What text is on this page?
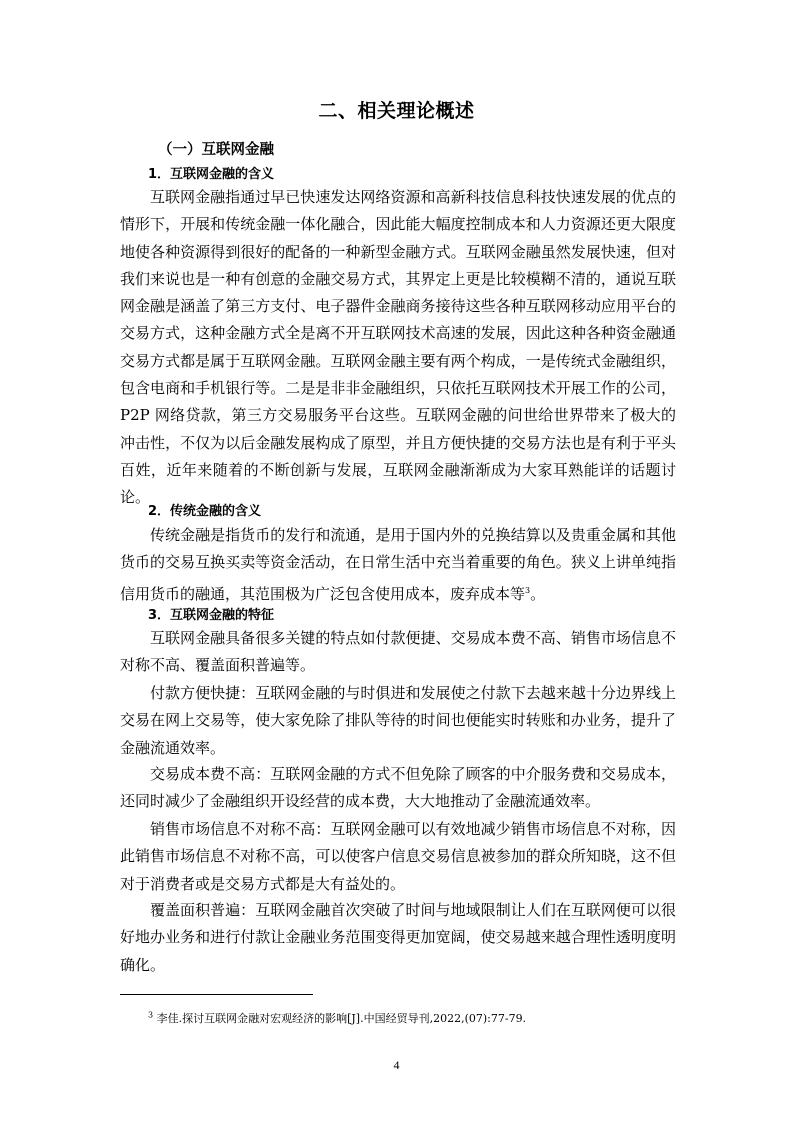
二、相关理论概述
（一）互联网金融
1．互联网金融的含义

互联网金融指通过早已快速发达网络资源和高新科技信息科技快速发展的优点的情形下，开展和传统金融一体化融合，因此能大幅度控制成本和人力资源还更大限度地使各种资源得到很好的配备的一种新型金融方式。互联网金融虽然发展快速，但对我们来说也是一种有创意的金融交易方式，其界定上更是比较模糊不清的，通说互联网金融是涵盖了第三方支付、电子器件金融商务接待这些各种互联网移动应用平台的交易方式，这种金融方式全是离不开互联网技术高速的发展，因此这种各种资金融通交易方式都是属于互联网金融。互联网金融主要有两个构成，一是传统式金融组织，包含电商和手机银行等。二是是非非金融组织，只依托互联网技术开展工作的公司，P2P 网络贷款，第三方交易服务平台这些。互联网金融的问世给世界带来了极大的冲击性，不仅为以后金融发展构成了原型，并且方便快捷的交易方法也是有利于平头百姓，近年来随着的不断创新与发展，互联网金融渐渐成为大家耳熟能详的话题讨论。

2．传统金融的含义

传统金融是指货币的发行和流通，是用于国内外的兑换结算以及贵重金属和其他货币的交易互换买卖等资金活动，在日常生活中充当着重要的角色。狭义上讲单纯指信用货币的融通，其范围极为广泛包含使用成本，废弃成本等$^3$。

3．互联网金融的特征

互联网金融具备很多关键的特点如付款便捷、交易成本费不高、销售市场信息不对称不高、覆盖面积普遍等。

付款方便快捷：互联网金融的与时俱进和发展使之付款下去越来越十分边界线上交易在网上交易等，使大家免除了排队等待的时间也便能实时转账和办业务，提升了金融流通效率。

交易成本费不高：互联网金融的方式不但免除了顾客的中介服务费和交易成本，还同时减少了金融组织开设经营的成本费，大大地推动了金融流通效率。

销售市场信息不对称不高：互联网金融可以有效地减少销售市场信息不对称，因此销售市场信息不对称不高，可以使客户信息交易信息被参加的群众所知晓，这不但对于消费者或是交易方式都是大有益处的。

覆盖面积普遍：互联网金融首次突破了时间与地域限制让人们在互联网便可以很好地办业务和进行付款让金融业务范围变得更加宽阔，使交易越来越合理性透明度明确化。

$^3$ 李佳.探讨互联网金融对宏观经济的影响[J].中国经贸导刊,2022,(07):77-79.
4
